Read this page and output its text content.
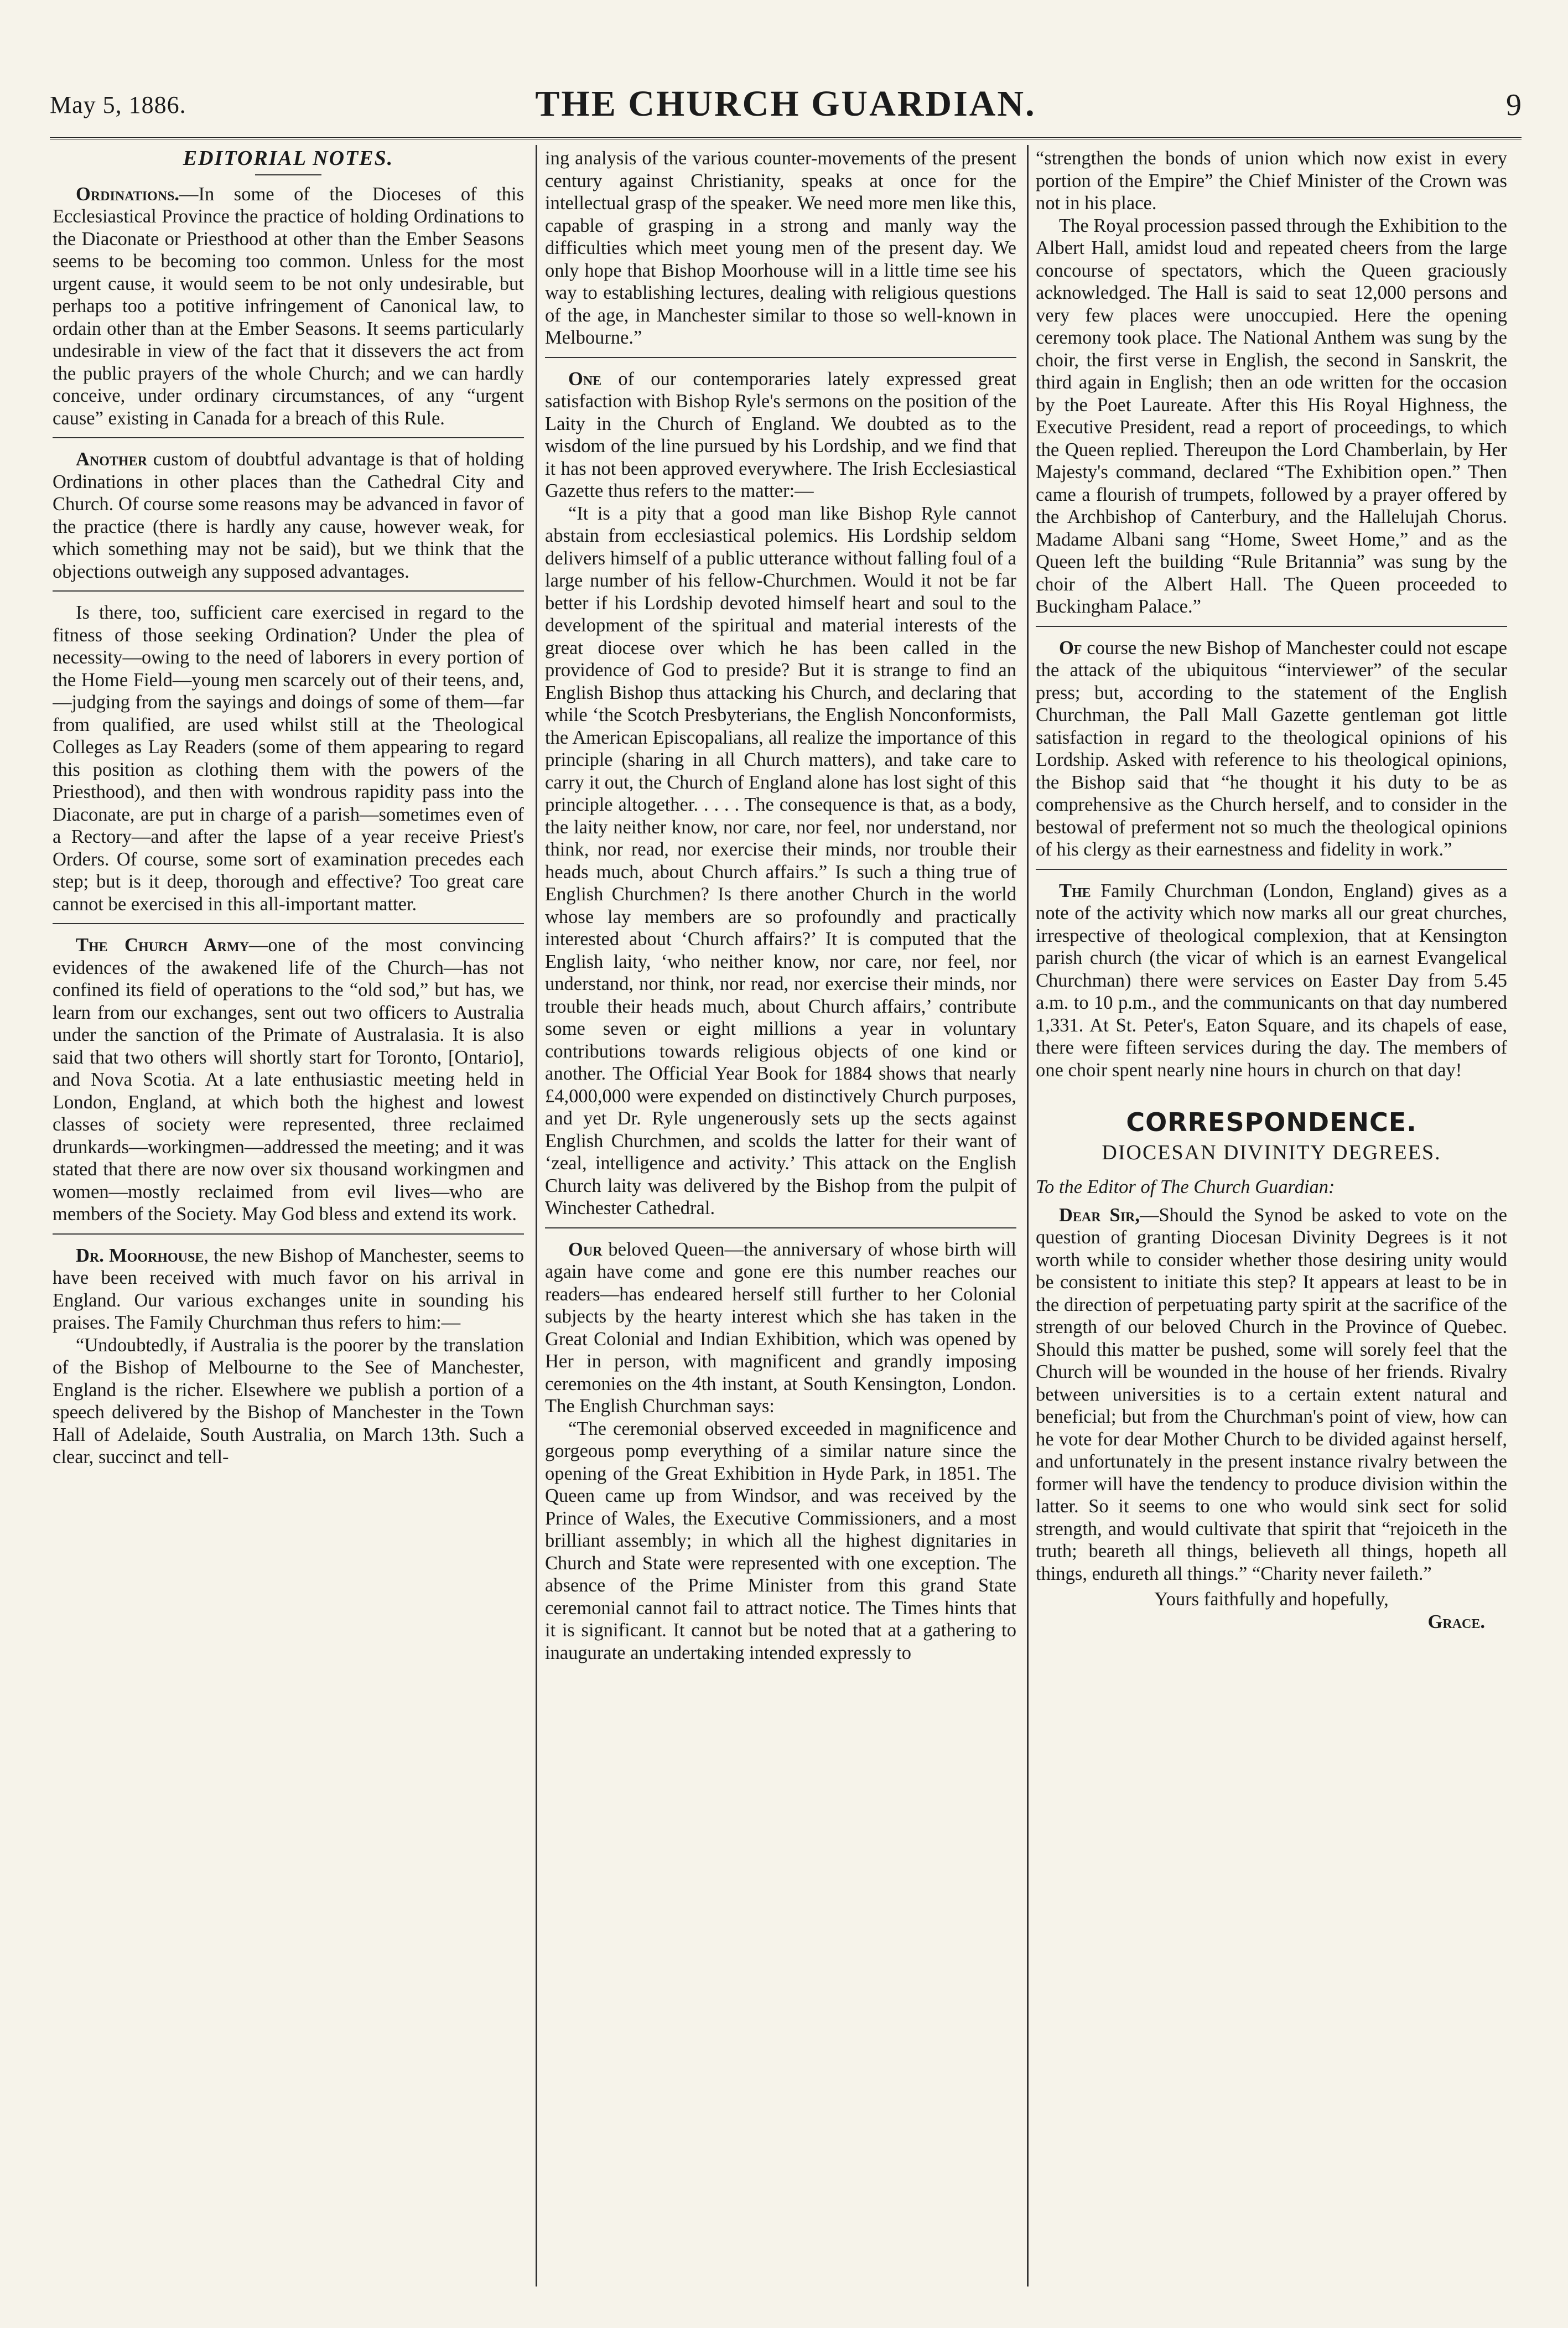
May 5, 1886.	THE CHURCH GUARDIAN.	9
EDITORIAL NOTES.

Ordinations.—In some of the Dioceses of this Ecclesiastical Province the practice of holding Ordinations to the Diaconate or Priesthood at other than the Ember Seasons seems to be becoming too common. Unless for the most urgent cause, it would seem to be not only undesirable, but perhaps too a potitive infringement of Canonical law, to ordain other than at the Ember Seasons. It seems particularly undesirable in view of the fact that it dissevers the act from the public prayers of the whole Church; and we can hardly conceive, under ordinary circumstances, of any “urgent cause” existing in Canada for a breach of this Rule.

Another custom of doubtful advantage is that of holding Ordinations in other places than the Cathedral City and Church. Of course some reasons may be advanced in favor of the practice (there is hardly any cause, however weak, for which something may not be said), but we think that the objections outweigh any supposed advantages.

Is there, too, sufficient care exercised in regard to the fitness of those seeking Ordination? Under the plea of necessity—owing to the need of laborers in every portion of the Home Field—young men scarcely out of their teens, and,—judging from the sayings and doings of some of them—far from qualified, are used whilst still at the Theological Colleges as Lay Readers (some of them appearing to regard this position as clothing them with the powers of the Priesthood), and then with wondrous rapidity pass into the Diaconate, are put in charge of a parish—sometimes even of a Rectory—and after the lapse of a year receive Priest's Orders. Of course, some sort of examination precedes each step; but is it deep, thorough and effective? Too great care cannot be exercised in this all-important matter.

The Church Army—one of the most convincing evidences of the awakened life of the Church—has not confined its field of operations to the “old sod,” but has, we learn from our exchanges, sent out two officers to Australia under the sanction of the Primate of Australasia. It is also said that two others will shortly start for Toronto, [Ontario], and Nova Scotia. At a late enthusiastic meeting held in London, England, at which both the highest and lowest classes of society were represented, three reclaimed drunkards—workingmen—addressed the meeting; and it was stated that there are now over six thousand workingmen and women—mostly reclaimed from evil lives—who are members of the Society. May God bless and extend its work.

Dr. Moorhouse, the new Bishop of Manchester, seems to have been received with much favor on his arrival in England. Our various exchanges unite in sounding his praises. The Family Churchman thus refers to him:—

“Undoubtedly, if Australia is the poorer by the translation of the Bishop of Melbourne to the See of Manchester, England is the richer. Elsewhere we publish a portion of a speech delivered by the Bishop of Manchester in the Town Hall of Adelaide, South Australia, on March 13th. Such a clear, succinct and tell-

ing analysis of the various counter-movements of the present century against Christianity, speaks at once for the intellectual grasp of the speaker. We need more men like this, capable of grasping in a strong and manly way the difficulties which meet young men of the present day. We only hope that Bishop Moorhouse will in a little time see his way to establishing lectures, dealing with religious questions of the age, in Manchester similar to those so well-known in Melbourne.”

One of our contemporaries lately expressed great satisfaction with Bishop Ryle's sermons on the position of the Laity in the Church of England. We doubted as to the wisdom of the line pursued by his Lordship, and we find that it has not been approved everywhere. The Irish Ecclesiastical Gazette thus refers to the matter:—

“It is a pity that a good man like Bishop Ryle cannot abstain from ecclesiastical polemics. His Lordship seldom delivers himself of a public utterance without falling foul of a large number of his fellow-Churchmen. Would it not be far better if his Lordship devoted himself heart and soul to the development of the spiritual and material interests of the great diocese over which he has been called in the providence of God to preside? But it is strange to find an English Bishop thus attacking his Church, and declaring that while ‘the Scotch Presbyterians, the English Nonconformists, the American Episcopalians, all realize the importance of this principle (sharing in all Church matters), and take care to carry it out, the Church of England alone has lost sight of this principle altogether. . . . . The consequence is that, as a body, the laity neither know, nor care, nor feel, nor understand, nor think, nor read, nor exercise their minds, nor trouble their heads much, about Church affairs.” Is such a thing true of English Churchmen? Is there another Church in the world whose lay members are so profoundly and practically interested about ‘Church affairs?’ It is computed that the English laity, ‘who neither know, nor care, nor feel, nor understand, nor think, nor read, nor exercise their minds, nor trouble their heads much, about Church affairs,’ contribute some seven or eight millions a year in voluntary contributions towards religious objects of one kind or another. The Official Year Book for 1884 shows that nearly £4,000,000 were expended on distinctively Church purposes, and yet Dr. Ryle ungenerously sets up the sects against English Churchmen, and scolds the latter for their want of ‘zeal, intelligence and activity.’ This attack on the English Church laity was delivered by the Bishop from the pulpit of Winchester Cathedral.

Our beloved Queen—the anniversary of whose birth will again have come and gone ere this number reaches our readers—has endeared herself still further to her Colonial subjects by the hearty interest which she has taken in the Great Colonial and Indian Exhibition, which was opened by Her in person, with magnificent and grandly imposing ceremonies on the 4th instant, at South Kensington, London. The English Churchman says:

“The ceremonial observed exceeded in magnificence and gorgeous pomp everything of a similar nature since the opening of the Great Exhibition in Hyde Park, in 1851. The Queen came up from Windsor, and was received by the Prince of Wales, the Executive Commissioners, and a most brilliant assembly; in which all the highest dignitaries in Church and State were represented with one exception. The absence of the Prime Minister from this grand State ceremonial cannot fail to attract notice. The Times hints that it is significant. It cannot but be noted that at a gathering to inaugurate an undertaking intended expressly to

“strengthen the bonds of union which now exist in every portion of the Empire” the Chief Minister of the Crown was not in his place.

The Royal procession passed through the Exhibition to the Albert Hall, amidst loud and repeated cheers from the large concourse of spectators, which the Queen graciously acknowledged. The Hall is said to seat 12,000 persons and very few places were unoccupied. Here the opening ceremony took place. The National Anthem was sung by the choir, the first verse in English, the second in Sanskrit, the third again in English; then an ode written for the occasion by the Poet Laureate. After this His Royal Highness, the Executive President, read a report of proceedings, to which the Queen replied. Thereupon the Lord Chamberlain, by Her Majesty's command, declared “The Exhibition open.” Then came a flourish of trumpets, followed by a prayer offered by the Archbishop of Canterbury, and the Hallelujah Chorus. Madame Albani sang “Home, Sweet Home,” and as the Queen left the building “Rule Britannia” was sung by the choir of the Albert Hall. The Queen proceeded to Buckingham Palace.”

Of course the new Bishop of Manchester could not escape the attack of the ubiquitous “interviewer” of the secular press; but, according to the statement of the English Churchman, the Pall Mall Gazette gentleman got little satisfaction in regard to the theological opinions of his Lordship. Asked with reference to his theological opinions, the Bishop said that “he thought it his duty to be as comprehensive as the Church herself, and to consider in the bestowal of preferment not so much the theological opinions of his clergy as their earnestness and fidelity in work.”

The Family Churchman (London, England) gives as a note of the activity which now marks all our great churches, irrespective of theological complexion, that at Kensington parish church (the vicar of which is an earnest Evangelical Churchman) there were services on Easter Day from 5.45 a.m. to 10 p.m., and the communicants on that day numbered 1,331. At St. Peter's, Eaton Square, and its chapels of ease, there were fifteen services during the day. The members of one choir spent nearly nine hours in church on that day!

CORRESPONDENCE.
DIOCESAN DIVINITY DEGREES.
To the Editor of The Church Guardian:

Dear Sir,—Should the Synod be asked to vote on the question of granting Diocesan Divinity Degrees is it not worth while to consider whether those desiring unity would be consistent to initiate this step? It appears at least to be in the direction of perpetuating party spirit at the sacrifice of the strength of our beloved Church in the Province of Quebec. Should this matter be pushed, some will sorely feel that the Church will be wounded in the house of her friends. Rivalry between universities is to a certain extent natural and beneficial; but from the Churchman's point of view, how can he vote for dear Mother Church to be divided against herself, and unfortunately in the present instance rivalry between the former will have the tendency to produce division within the latter. So it seems to one who would sink sect for solid strength, and would cultivate that spirit that “rejoiceth in the truth; beareth all things, believeth all things, hopeth all things, endureth all things.” “Charity never faileth.”

Yours faithfully and hopefully,
Grace.
